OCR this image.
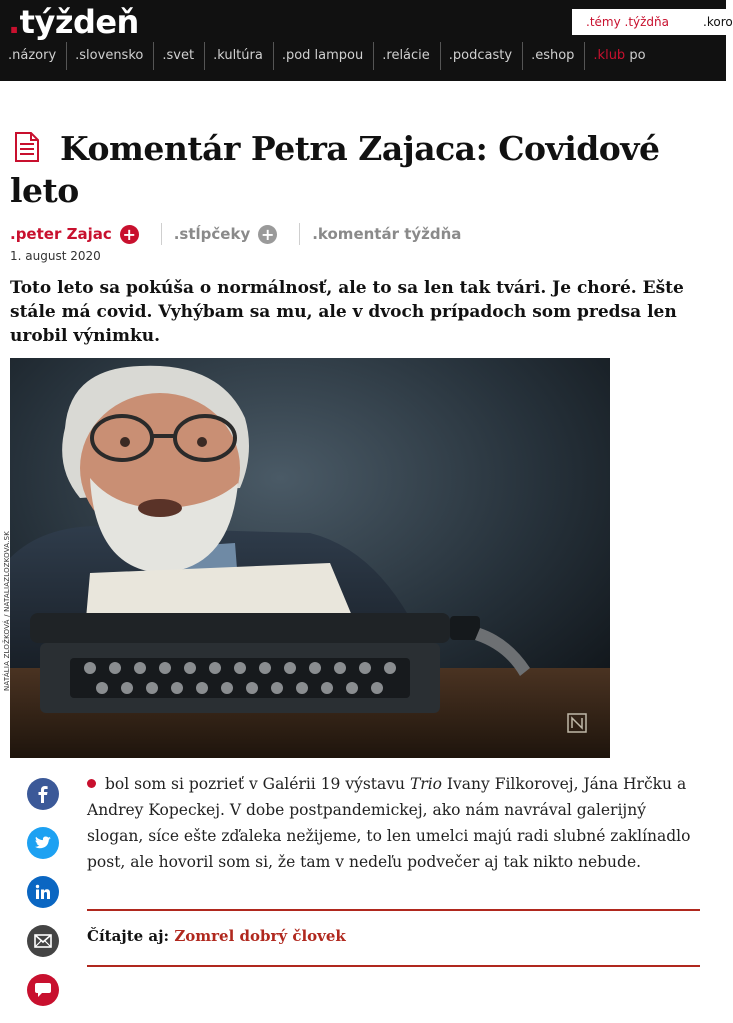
.týždeň	.témy .týždňa	.koro
.názory	.slovensko	.svet	.kultúra	.pod lampou	.relácie	.podcasty	.eshop	.klub po
Komentár Petra Zajaca: Covidové leto
.peter Zajac +	.stĺpčeky +	.komentár týždňa
1. august 2020

Toto leto sa pokúša o normálnosť, ale to sa len tak tvári. Je choré. Ešte stále má covid. Vyhýbam sa mu, ale v dvoch prípadoch som predsa len urobil výnimku.

NATÁLIA ZLOŽKOVÁ / NATALIAZLOZKOVA.SK

bol som si pozrieť v Galérii 19 výstavu Trio Ivany Filkorovej, Jána Hrčku a Andrey Kopeckej. V dobe postpandemickej, ako nám navrával galerijný slogan, síce ešte zďaleka nežijeme, to len umelci majú radi slubné zaklínadlo post, ale hovoril som si, že tam v nedeľu podvečer aj tak nikto nebude.

Čítajte aj: Zomrel dobrý človek
